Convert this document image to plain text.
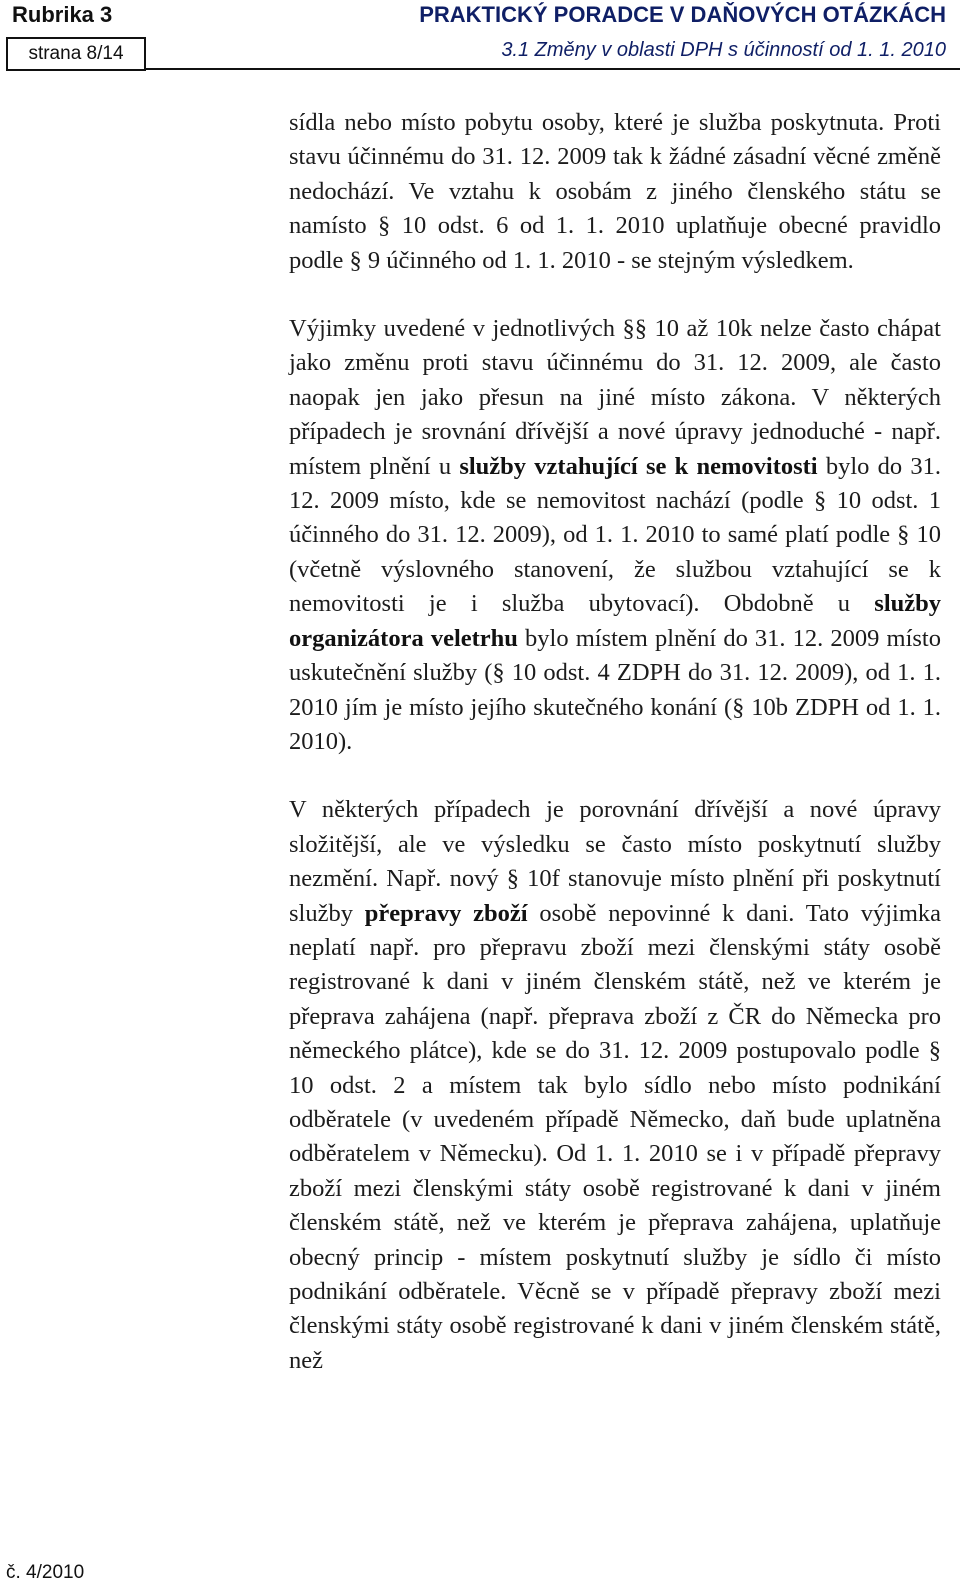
Rubrika 3	PRAKTICKÝ PORADCE V DAŇOVÝCH OTÁZKÁCH
strana 8/14	3.1 Změny v oblasti DPH s účinností od 1. 1. 2010

sídla nebo místo pobytu osoby, které je služba poskytnuta. Proti stavu účinnému do 31. 12. 2009 tak k žádné zásadní věcné změně nedochází. Ve vztahu k osobám z jiného členského státu se namísto § 10 odst. 6 od 1. 1. 2010 uplatňuje obecné pravidlo podle § 9 účinného od 1. 1. 2010 - se stejným výsledkem.

Výjimky uvedené v jednotlivých §§ 10 až 10k nelze často chápat jako změnu proti stavu účinnému do 31. 12. 2009, ale často naopak jen jako přesun na jiné místo zákona. V některých případech je srovnání dřívější a nové úpravy jednoduché - např. místem plnění u služby vztahující se k nemovitosti bylo do 31. 12. 2009 místo, kde se nemovitost nachází (podle § 10 odst. 1 účinného do 31. 12. 2009), od 1. 1. 2010 to samé platí podle § 10 (včetně výslovného stanovení, že službou vztahující se k nemovitosti je i služba ubytovací). Obdobně u služby organizátora veletrhu bylo místem plnění do 31. 12. 2009 místo uskutečnění služby (§ 10 odst. 4 ZDPH do 31. 12. 2009), od 1. 1. 2010 jím je místo jejího skutečného konání (§ 10b ZDPH od 1. 1. 2010).

V některých případech je porovnání dřívější a nové úpravy složitější, ale ve výsledku se často místo poskytnutí služby nezmění. Např. nový § 10f stanovuje místo plnění při poskytnutí služby přepravy zboží osobě nepovinné k dani. Tato výjimka neplatí např. pro přepravu zboží mezi členskými státy osobě registrované k dani v jiném členském státě, než ve kterém je přeprava zahájena (např. přeprava zboží z ČR do Německa pro německého plátce), kde se do 31. 12. 2009 postupovalo podle § 10 odst. 2 a místem tak bylo sídlo nebo místo podnikání odběratele (v uvedeném případě Německo, daň bude uplatněna odběratelem v Německu). Od 1. 1. 2010 se i v případě přepravy zboží mezi členskými státy osobě registrované k dani v jiném členském státě, než ve kterém je přeprava zahájena, uplatňuje obecný princip - místem poskytnutí služby je sídlo či místo podnikání odběratele. Věcně se v případě přepravy zboží mezi členskými státy osobě registrované k dani v jiném členském státě, než

č. 4/2010
